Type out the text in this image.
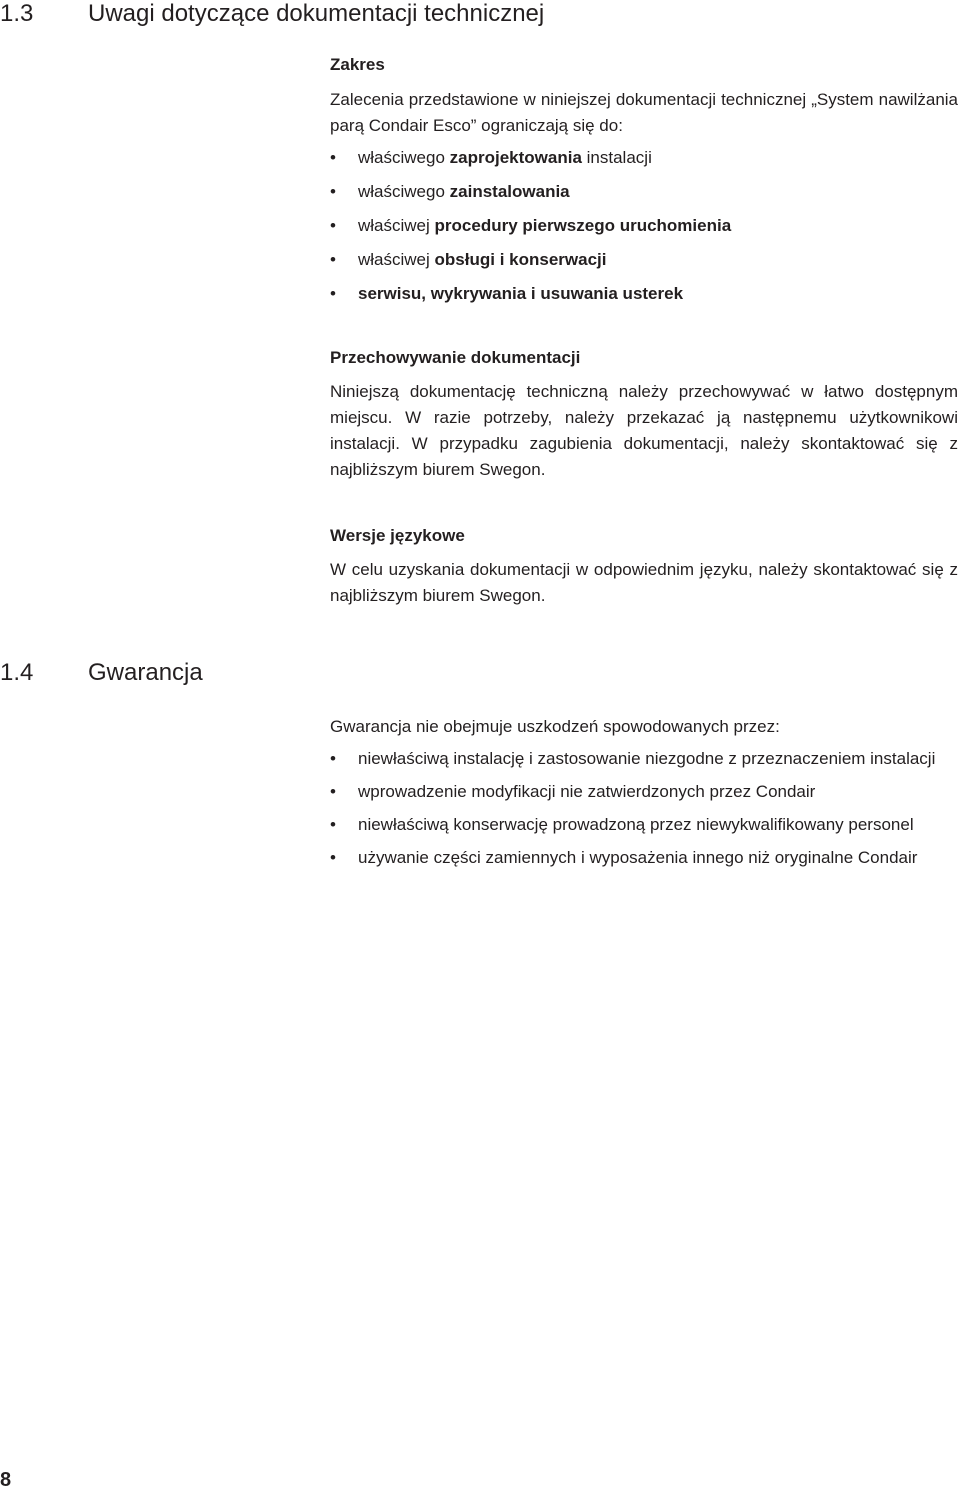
1.3 Uwagi dotyczące dokumentacji technicznej
Zakres

Zalecenia przedstawione w niniejszej dokumentacji technicznej „System nawilżania parą Condair Esco” ograniczają się do:

• właściwego zaprojektowania instalacji
• właściwego zainstalowania
• właściwej procedury pierwszego uruchomienia
• właściwej obsługi i konserwacji
• serwisu, wykrywania i usuwania usterek
Przechowywanie dokumentacji

Niniejszą dokumentację techniczną należy przechowywać w łatwo dostępnym miejscu. W razie potrzeby, należy przekazać ją następnemu użytkownikowi instalacji. W przypadku zagubienia dokumentacji, należy skontaktować się z najbliższym biurem Swegon.

Wersje językowe

W celu uzyskania dokumentacji w odpowiednim języku, należy skontaktować się z najbliższym biurem Swegon.

1.4 Gwarancja

Gwarancja nie obejmuje uszkodzeń spowodowanych przez:

• niewłaściwą instalację i zastosowanie niezgodne z przeznaczeniem instalacji
• wprowadzenie modyfikacji nie zatwierdzonych przez Condair
• niewłaściwą konserwację prowadzoną przez niewykwalifikowany personel
• używanie części zamiennych i wyposażenia innego niż oryginalne Condair
8
